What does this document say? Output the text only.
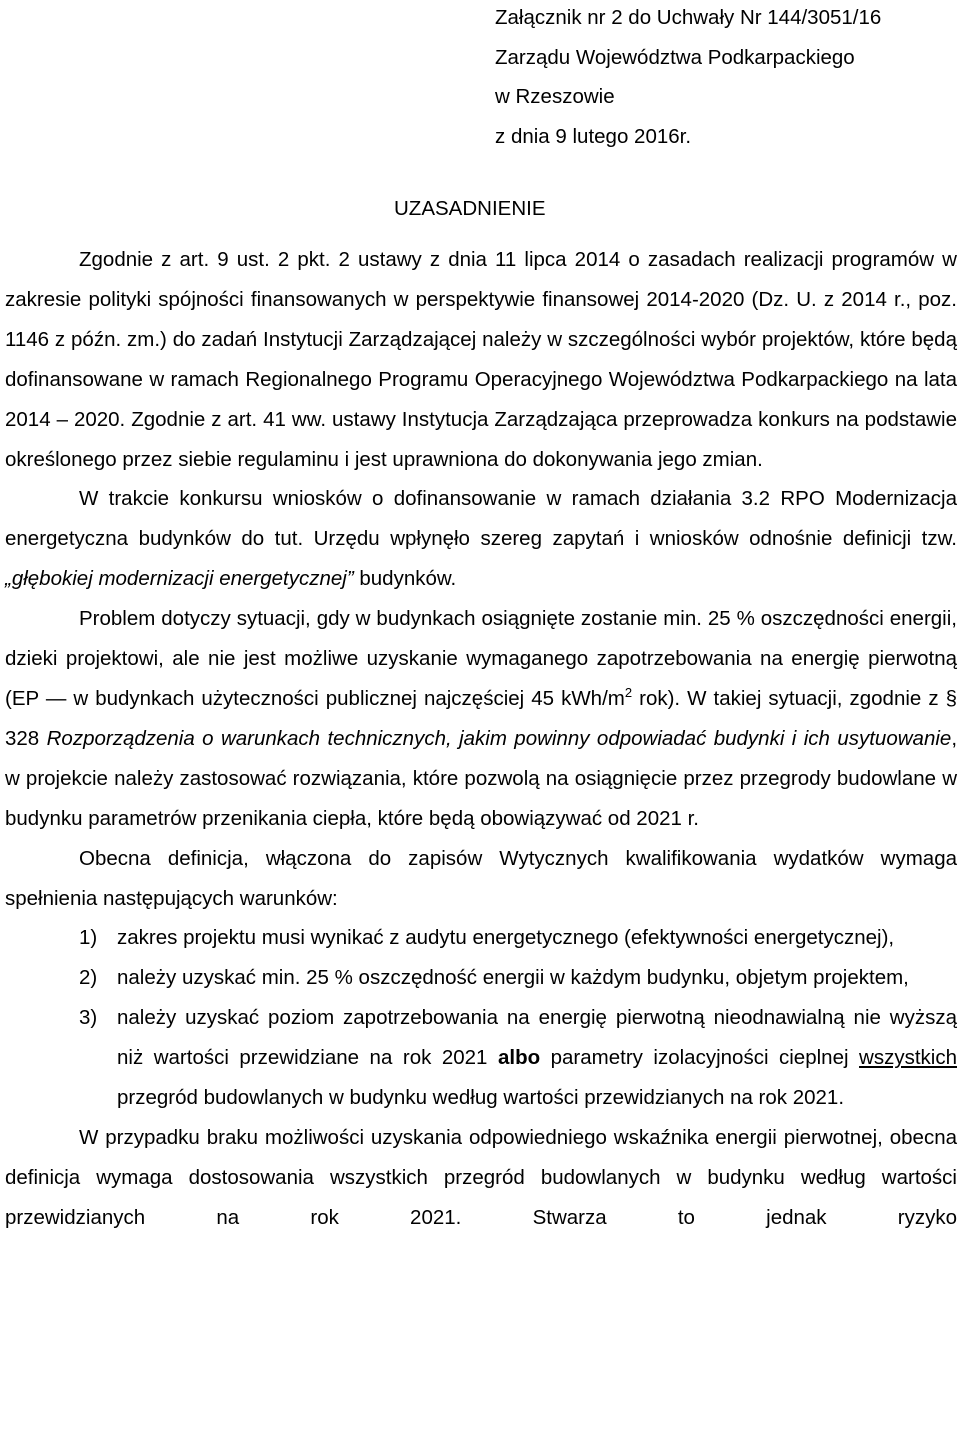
Załącznik nr 2 do Uchwały Nr 144/3051/16
Zarządu Województwa Podkarpackiego
w Rzeszowie
z dnia 9 lutego 2016r.
UZASADNIENIE

Zgodnie z art. 9 ust. 2 pkt. 2 ustawy z dnia 11 lipca 2014 o zasadach realizacji programów w zakresie polityki spójności finansowanych w perspektywie finansowej 2014-2020 (Dz. U. z 2014 r., poz. 1146 z późn. zm.) do zadań Instytucji Zarządzającej należy w szczególności wybór projektów, które będą dofinansowane w ramach Regionalnego Programu Operacyjnego Województwa Podkarpackiego na lata 2014 – 2020. Zgodnie z art. 41 ww. ustawy Instytucja Zarządzająca przeprowadza konkurs na podstawie określonego przez siebie regulaminu i jest uprawniona do dokonywania jego zmian.

W trakcie konkursu wniosków o dofinansowanie w ramach działania 3.2 RPO Modernizacja energetyczna budynków do tut. Urzędu wpłynęło szereg zapytań i wniosków odnośnie definicji tzw. „głębokiej modernizacji energetycznej” budynków.

Problem dotyczy sytuacji, gdy w budynkach osiągnięte zostanie min. 25 % oszczędności energii, dzieki projektowi, ale nie jest możliwe uzyskanie wymaganego zapotrzebowania na energię pierwotną (EP — w budynkach użyteczności publicznej najczęściej 45 kWh/$m^2$ rok). W takiej sytuacji, zgodnie z § 328 Rozporządzenia o warunkach technicznych, jakim powinny odpowiadać budynki i ich usytuowanie, w projekcie należy zastosować rozwiązania, które pozwolą na osiągnięcie przez przegrody budowlane w budynku parametrów przenikania ciepła, które będą obowiązywać od 2021 r.

Obecna definicja, włączona do zapisów Wytycznych kwalifikowania wydatków wymaga spełnienia następujących warunków:

1) zakres projektu musi wynikać z audytu energetycznego (efektywności energetycznej),
2) należy uzyskać min. 25 % oszczędność energii w każdym budynku, objetym projektem,
3) należy uzyskać poziom zapotrzebowania na energię pierwotną nieodnawialną nie wyższą niż wartości przewidziane na rok 2021 albo parametry izolacyjności cieplnej wszystkich przegród budowlanych w budynku według wartości przewidzianych na rok 2021.

W przypadku braku możliwości uzyskania odpowiedniego wskaźnika energii pierwotnej, obecna definicja wymaga dostosowania wszystkich przegród budowlanych w budynku według wartości przewidzianych na rok 2021. Stwarza to jednak ryzyko
